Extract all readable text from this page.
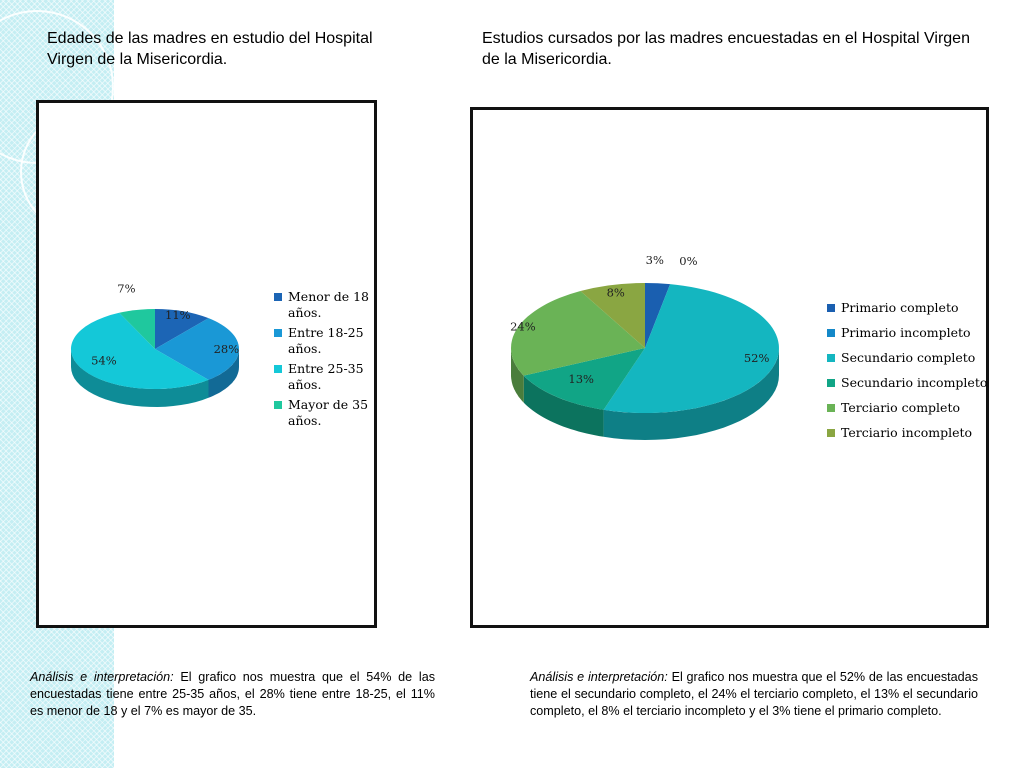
Edades de las madres en estudio del Hospital Virgen de la Misericordia.
Estudios cursados por las madres encuestadas en el Hospital Virgen de la Misericordia.
11%
28%
54%
7%
Menor de 18 años.
Entre 18-25 años.
Entre 25-35 años.
Mayor de 35 años.
3% 0%
52%
13%
24%
8%
Primario completo
Primario incompleto
Secundario completo
Secundario incompleto
Terciario completo
Terciario incompleto

Análisis e interpretación: El grafico nos muestra que el 54% de las encuestadas tiene entre 25-35 años, el 28% tiene entre 18-25, el 11% es menor de 18 y el 7% es mayor de 35.

Análisis e interpretación: El grafico nos muestra que el 52% de las encuestadas tiene el secundario completo, el 24% el terciario completo, el 13% el secundario completo, el 8% el terciario incompleto y el 3% tiene el primario completo.
